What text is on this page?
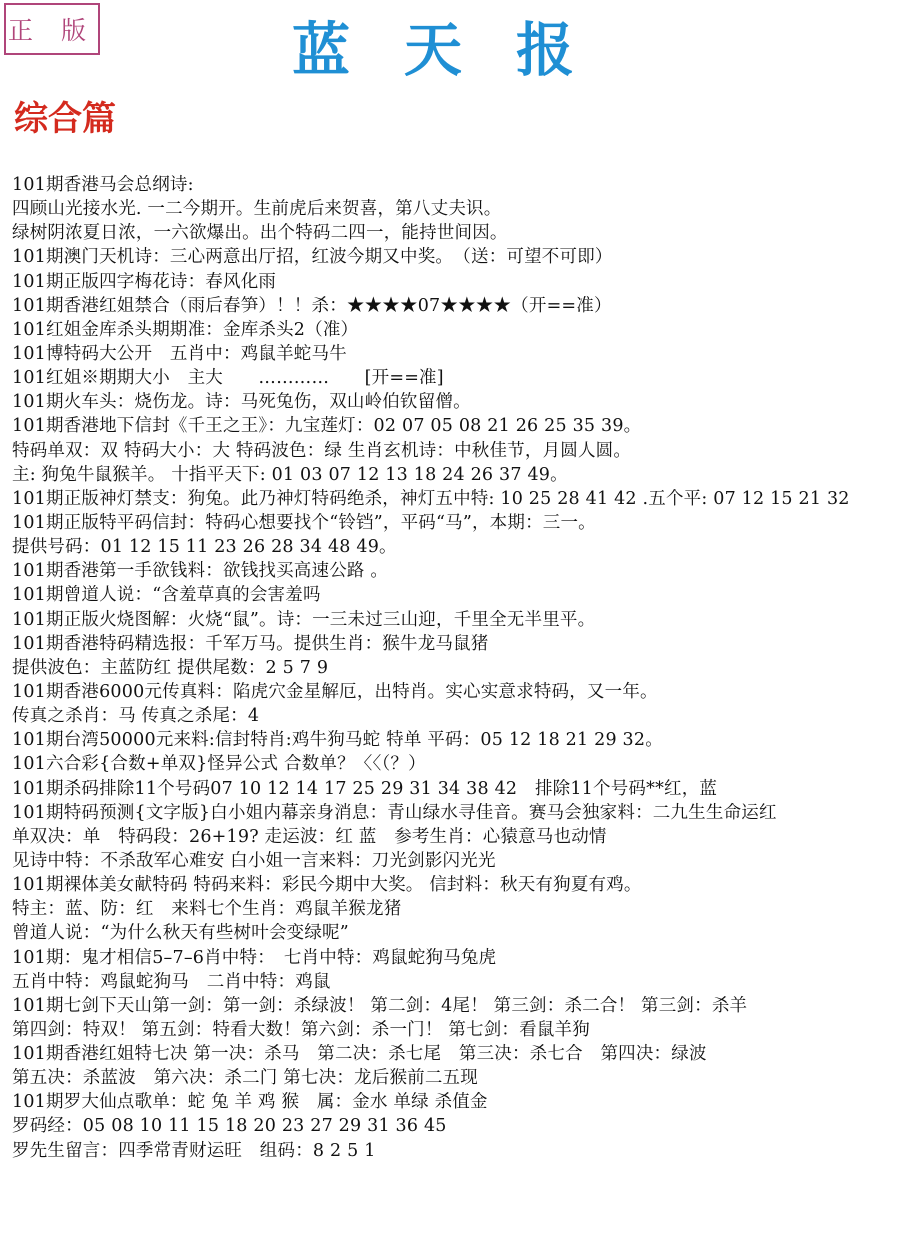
正 版	蓝天报
综合篇
101期香港马会总纲诗:
四顾山光接水光. 一二今期开。生前虎后来贺喜，第八丈夫识。
绿树阴浓夏日浓，一六欲爆出。出个特码二四一，能持世间因。
101期澳门天机诗：三心两意出厅招，红波今期又中奖。　（送：可望不可即）
101期正版四字梅花诗：春风化雨
101期香港红姐禁合（雨后春笋）！！杀：★★★★07★★★★（开==准）
101红姐金库杀头期期准：金库杀头2（准）
101博特码大公开　五肖中：鸡鼠羊蛇马牛
101红姐※期期大小　主大　　…………　　[开==准]
101期火车头：烧伤龙。诗：马死兔伤，双山岭伯钦留僧。
101期香港地下信封《千王之王》：九宝莲灯：02 07 05 08 21 26 25 35 39。
特码单双：双 特码大小：大 特码波色：绿 生肖玄机诗：中秋佳节，月圆人圆。
主: 狗兔牛鼠猴羊。 十指平天下: 01 03 07 12 13 18 24 26 37 49。
101期正版神灯禁支：狗兔。此乃神灯特码绝杀，神灯五中特: 10 25 28 41 42 .五个平: 07 12 15 21 32
101期正版特平码信封：特码心想要找个“铃铛”，平码“马”，本期：三一。
提供号码：01 12 15 11 23 26 28 34 48 49。
101期香港第一手欲钱料：欲钱找买高速公路 。
101期曾道人说：“含羞草真的会害羞吗
101期正版火烧图解：火烧“鼠”。诗：一三未过三山迎，千里全无半里平。
101期香港特码精选报：千军万马。提供生肖：猴牛龙马鼠猪
提供波色：主蓝防红 提供尾数：2 5 7 9
101期香港6000元传真料：陷虎穴金星解厄，出特肖。实心实意求特码，又一年。
传真之杀肖：马 传真之杀尾：4
101期台湾50000元来料:信封特肖:鸡牛狗马蛇 特单 平码：05 12 18 21 29 32。
101六合彩{合数+单双}怪异公式 合数单？〈〈（？）
101期杀码排除11个号码07 10 12 14 17 25 29 31 34 38 42　排除11个号码**红，蓝
101期特码预测{文字版}白小姐内幕亲身消息：青山绿水寻佳音。赛马会独家料：二九生生命运红
单双决：单　特码段：26+19? 走运波：红 蓝　参考生肖：心猿意马也动情
见诗中特：不杀敌军心难安 白小姐一言来料：刀光剑影闪光光
101期裸体美女献特码 特码来料：彩民今期中大奖。 信封料：秋天有狗夏有鸡。
特主：蓝、防：红　来料七个生肖：鸡鼠羊猴龙猪
曾道人说：“为什么秋天有些树叶会变绿呢”
101期：鬼才相信5–7–6肖中特：　七肖中特：鸡鼠蛇狗马兔虎
五肖中特：鸡鼠蛇狗马　二肖中特：鸡鼠
101期七剑下天山第一剑：第一剑：杀绿波！ 第二剑：4尾！ 第三剑：杀二合！ 第三剑：杀羊
第四剑：特双！ 第五剑：特看大数！第六剑：杀一门！ 第七剑：看鼠羊狗
101期香港红姐特七决 第一决：杀马　第二决：杀七尾　第三决：杀七合　第四决：绿波
第五决：杀蓝波　第六决：杀二门 第七决：龙后猴前二五现
101期罗大仙点歌单：蛇 兔 羊 鸡 猴　属：金水 单绿 杀值金
罗码经：05 08 10 11 15 18 20 23 27 29 31 36 45
罗先生留言：四季常青财运旺　组码：8 2 5 1
